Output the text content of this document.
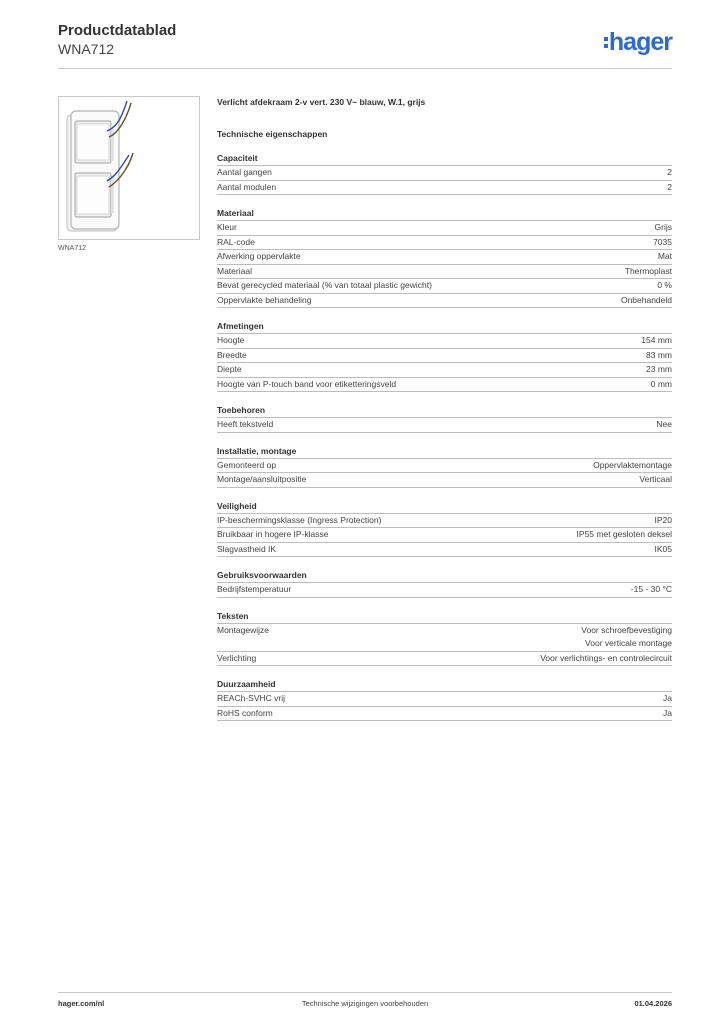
Productdatablad
WNA712	hager
WNA712
Verlicht afdekraam 2-v vert. 230 V~ blauw, W.1, grijs
Technische eigenschappen
Capaciteit
Aantal gangen	2
Aantal modulen	2
Materiaal
Kleur	Grijs
RAL-code	7035
Afwerking oppervlakte	Mat
Materiaal	Thermoplast
Bevat gerecycled materiaal (% van totaal plastic gewicht)	0 %
Oppervlakte behandeling	Onbehandeld
Afmetingen
Hoogte	154 mm
Breedte	83 mm
Diepte	23 mm
Hoogte van P-touch band voor etiketteringsveld	0 mm
Toebehoren
Heeft tekstveld	Nee
Installatie, montage
Gemonteerd op	Oppervlaktemontage
Montage/aansluitpositie	Verticaal
Veiligheid
IP-beschermingsklasse (Ingress Protection)	IP20
Bruikbaar in hogere IP-klasse	IP55 met gesloten deksel
Slagvastheid IK	IK05
Gebruiksvoorwaarden
Bedrijfstemperatuur	-15 - 30 °C
Teksten
Montagewijze	Voor schroefbevestiging
Voor verticale montage
Verlichting	Voor verlichtings- en controlecircuit
Duurzaamheid
REACh-SVHC vrij	Ja
RoHS conform	Ja
hager.com/nl	Technische wijzigingen voorbehouden	01.04.2026
